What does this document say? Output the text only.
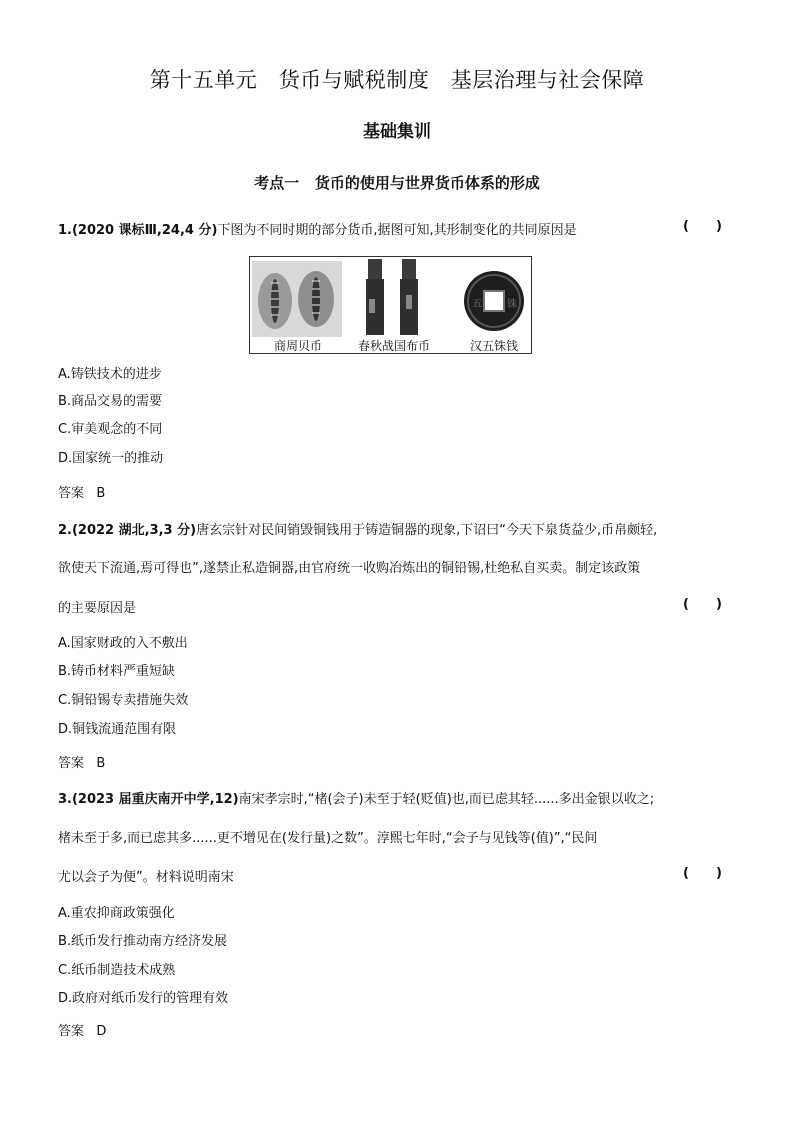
第十五单元   货币与赋税制度   基层治理与社会保障
基础集训
考点一   货币的使用与世界货币体系的形成
1.(2020 课标Ⅲ,24,4 分)下图为不同时期的部分货币,据图可知,其形制变化的共同原因是	(      )
A.铸铁技术的进步
B.商品交易的需要
C.审美观念的不同
D.国家统一的推动
答案 B
五	铢
商周贝币	春秋战国布币	汉五铢钱
2.(2022 湖北,3,3 分)唐玄宗针对民间销毁铜钱用于铸造铜器的现象,下诏曰“今天下泉货益少,币帛颇轻,
欲使天下流通,焉可得也”,遂禁止私造铜器,由官府统一收购冶炼出的铜铅锡,杜绝私自买卖。制定该政策
的主要原因是	(      )
A.国家财政的入不敷出
B.铸币材料严重短缺
C.铜铅锡专卖措施失效
D.铜钱流通范围有限
答案 B
3.(2023 届重庆南开中学,12)南宋孝宗时,“楮(会子)未至于轻(贬值)也,而已虑其轻......多出金银以收之;
楮未至于多,而已虑其多......更不增见在(发行量)之数”。淳熙七年时,“会子与见钱等(值)”,“民间
尤以会子为便”。材料说明南宋	(      )
A.重农抑商政策强化
B.纸币发行推动南方经济发展
C.纸币制造技术成熟
D.政府对纸币发行的管理有效
答案 D
